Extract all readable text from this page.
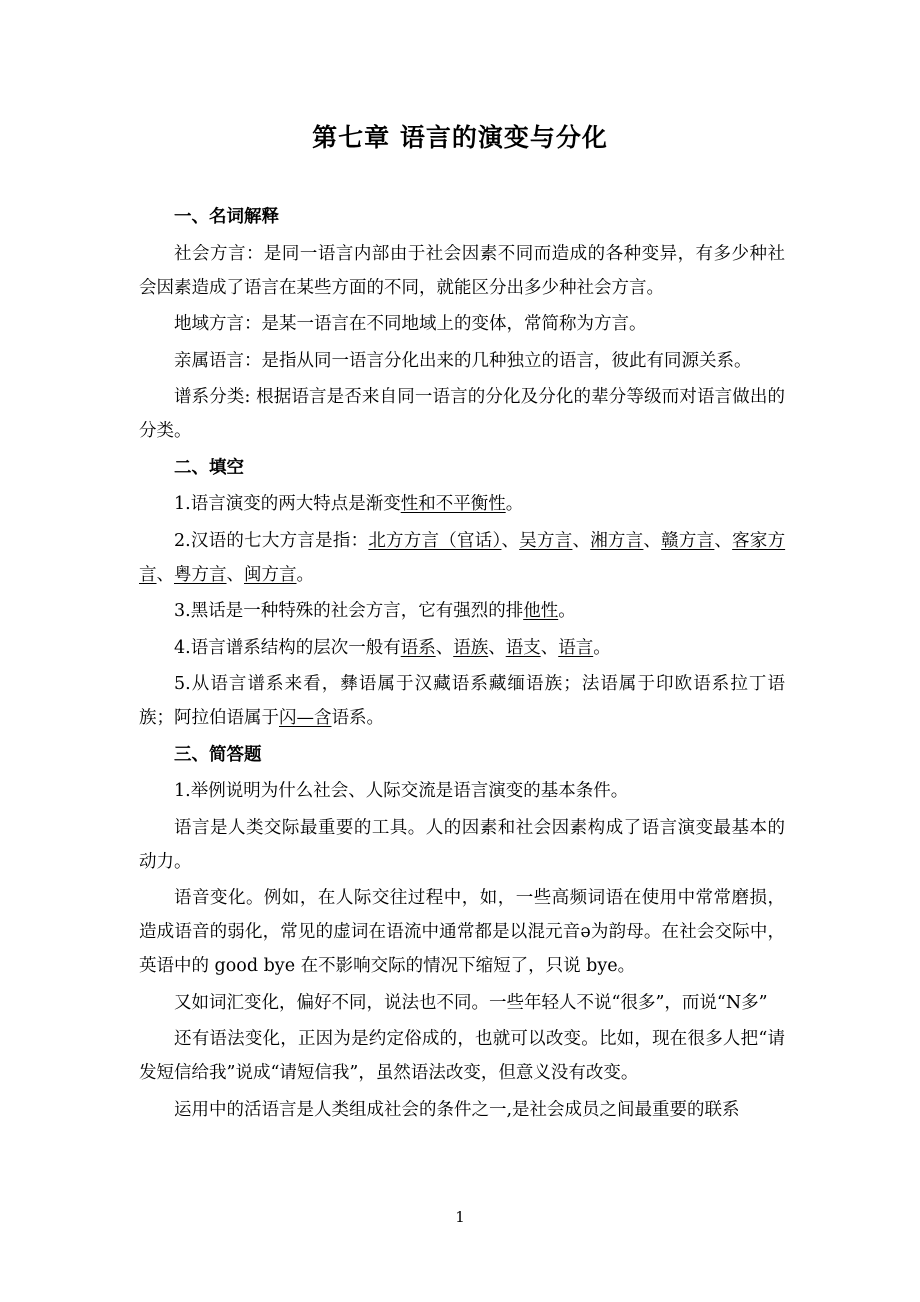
第七章 语言的演变与分化

一、名词解释

社会方言：是同一语言内部由于社会因素不同而造成的各种变异，有多少种社会因素造成了语言在某些方面的不同，就能区分出多少种社会方言。

地域方言：是某一语言在不同地域上的变体，常简称为方言。

亲属语言：是指从同一语言分化出来的几种独立的语言，彼此有同源关系。

谱系分类: 根据语言是否来自同一语言的分化及分化的辈分等级而对语言做出的分类。

二、填空

1.语言演变的两大特点是渐变性和不平衡性。

2.汉语的七大方言是指：北方方言（官话）、吴方言、湘方言、赣方言、客家方言、粤方言、闽方言。

3.黑话是一种特殊的社会方言，它有强烈的排他性。

4.语言谱系结构的层次一般有语系、语族、语支、语言。

5.从语言谱系来看，彝语属于汉藏语系藏缅语族；法语属于印欧语系拉丁语族；阿拉伯语属于闪—含语系。

三、简答题

1.举例说明为什么社会、人际交流是语言演变的基本条件。

语言是人类交际最重要的工具。人的因素和社会因素构成了语言演变最基本的动力。

语音变化。例如，在人际交往过程中，如，一些高频词语在使用中常常磨损，造成语音的弱化，常见的虚词在语流中通常都是以混元音ə为韵母。在社会交际中，英语中的 good bye 在不影响交际的情况下缩短了，只说 bye。

又如词汇变化，偏好不同，说法也不同。一些年轻人不说“很多”，而说“N多”

还有语法变化，正因为是约定俗成的，也就可以改变。比如，现在很多人把“请发短信给我”说成“请短信我”，虽然语法改变，但意义没有改变。

运用中的活语言是人类组成社会的条件之一,是社会成员之间最重要的联系

1
